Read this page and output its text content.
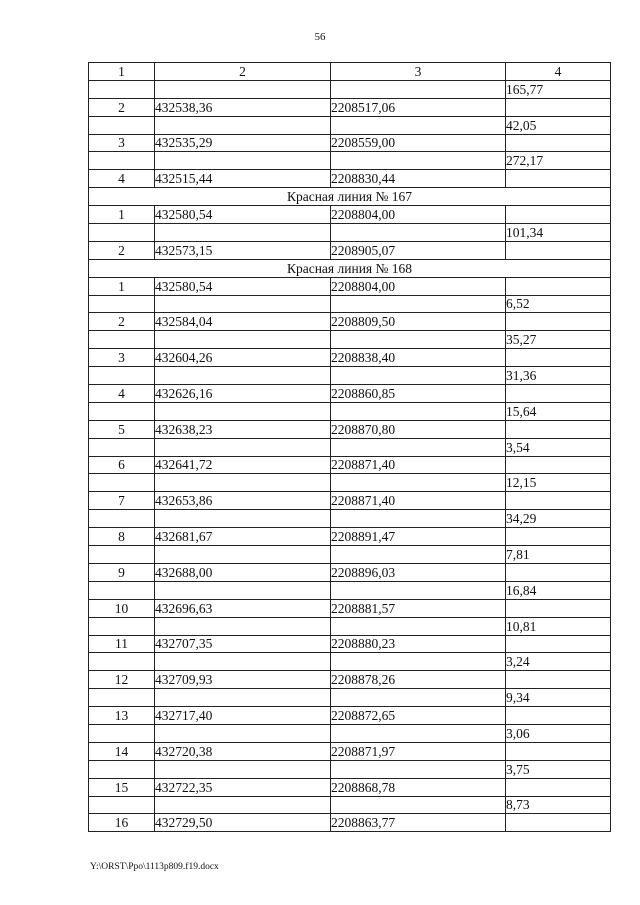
56
1	2	3	4
			165,77
2	432538,36	2208517,06	
			42,05
3	432535,29	2208559,00	
			272,17
4	432515,44	2208830,44	
Красная линия № 167			
1	432580,54	2208804,00	
			101,34
2	432573,15	2208905,07	
Красная линия № 168			
1	432580,54	2208804,00	
			6,52
2	432584,04	2208809,50	
			35,27
3	432604,26	2208838,40	
			31,36
4	432626,16	2208860,85	
			15,64
5	432638,23	2208870,80	
			3,54
6	432641,72	2208871,40	
			12,15
7	432653,86	2208871,40	
			34,29
8	432681,67	2208891,47	
			7,81
9	432688,00	2208896,03	
			16,84
10	432696,63	2208881,57	
			10,81
11	432707,35	2208880,23	
			3,24
12	432709,93	2208878,26	
			9,34
13	432717,40	2208872,65	
			3,06
14	432720,38	2208871,97	
			3,75
15	432722,35	2208868,78	
			8,73
16	432729,50	2208863,77	
Y:\ORST\Ppo\1113p809.f19.docx
